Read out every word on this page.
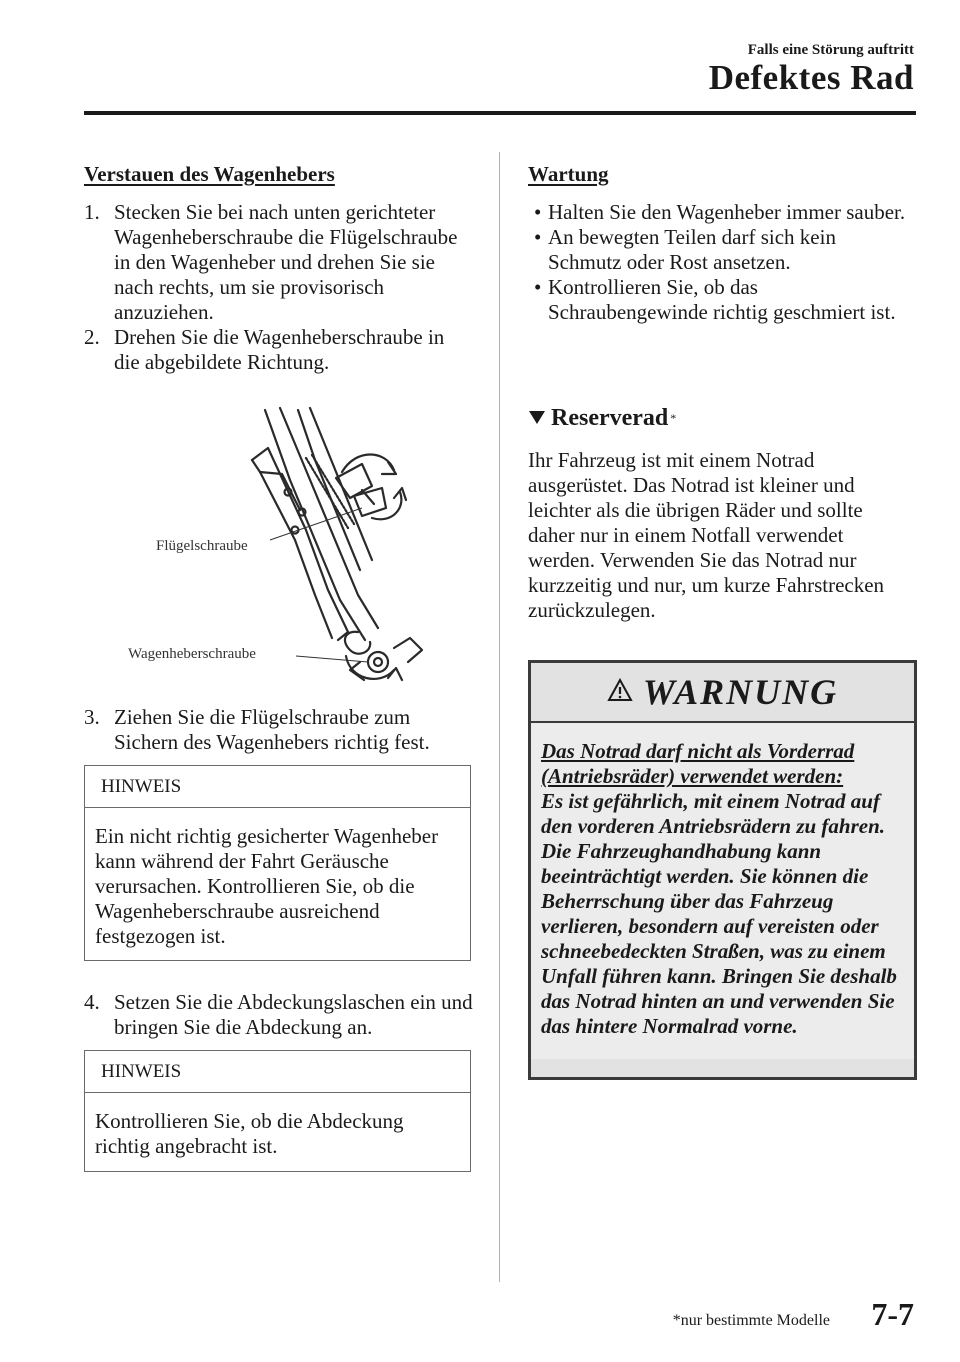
Falls eine Störung auftritt
Defektes Rad
Verstauen des Wagenhebers
1. Stecken Sie bei nach unten gerichteter Wagenheberschraube die Flügelschraube in den Wagenheber und drehen Sie sie nach rechts, um sie provisorisch anzuziehen.
2. Drehen Sie die Wagenheberschraube in die abgebildete Richtung.
Flügelschraube
Wagenheberschraube
3. Ziehen Sie die Flügelschraube zum Sichern des Wagenhebers richtig fest.
HINWEIS
Ein nicht richtig gesicherter Wagenheber kann während der Fahrt Geräusche verursachen. Kontrollieren Sie, ob die Wagenheberschraube ausreichend festgezogen ist.
4. Setzen Sie die Abdeckungslaschen ein und bringen Sie die Abdeckung an.
HINWEIS
Kontrollieren Sie, ob die Abdeckung richtig angebracht ist.
Wartung
• Halten Sie den Wagenheber immer sauber.
• An bewegten Teilen darf sich kein Schmutz oder Rost ansetzen.
• Kontrollieren Sie, ob das Schraubengewinde richtig geschmiert ist.
Reserverad *
Ihr Fahrzeug ist mit einem Notrad ausgerüstet. Das Notrad ist kleiner und leichter als die übrigen Räder und sollte daher nur in einem Notfall verwendet werden. Verwenden Sie das Notrad nur kurzzeitig und nur, um kurze Fahrstrecken zurückzulegen.
WARNUNG
Das Notrad darf nicht als Vorderrad (Antriebsräder) verwendet werden:
Es ist gefährlich, mit einem Notrad auf den vorderen Antriebsrädern zu fahren. Die Fahrzeughandhabung kann beeinträchtigt werden. Sie können die Beherrschung über das Fahrzeug verlieren, besondern auf vereisten oder schneebedeckten Straßen, was zu einem Unfall führen kann. Bringen Sie deshalb das Notrad hinten an und verwenden Sie das hintere Normalrad vorne.
*nur bestimmte Modelle 7-7
